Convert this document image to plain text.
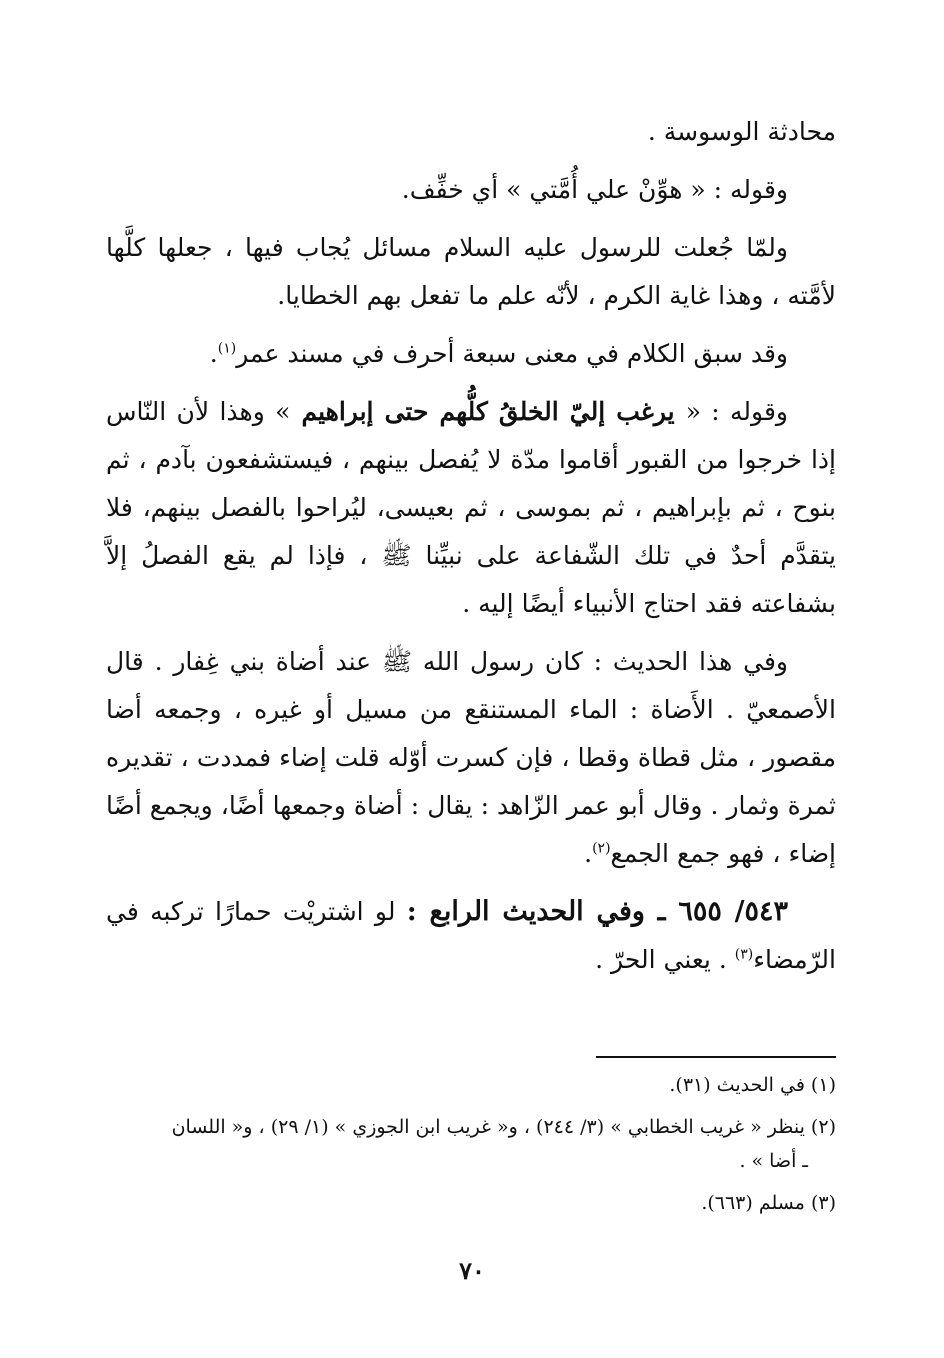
محادثة الوسوسة .

وقوله : « هوِّنْ علي أُمَّتي » أي خفِّف.

ولمّا جُعلت للرسول عليه السلام مسائل يُجاب فيها ، جعلها كلَّها لأمَّته ، وهذا غاية الكرم ، لأنّه علم ما تفعل بهم الخطايا.

وقد سبق الكلام في معنى سبعة أحرف في مسند عمر$^{(١)}$.

وقوله : « يرغب إليّ الخلقُ كلُّهم حتى إبراهيم » وهذا لأن النّاس إذا خرجوا من القبور أقاموا مدّة لا يُفصل بينهم ، فيستشفعون بآدم ، ثم بنوح ، ثم بإبراهيم ، ثم بموسى ، ثم بعيسى، ليُراحوا بالفصل بينهم، فلا يتقدَّم أحدٌ في تلك الشّفاعة على نبيِّنا ﷺ ، فإذا لم يقع الفصلُ إلاَّ بشفاعته فقد احتاج الأنبياء أيضًا إليه .

وفي هذا الحديث : كان رسول الله ﷺ عند أضاة بني غِفار . قال الأصمعيّ . الأَضاة : الماء المستنقع من مسيل أو غيره ، وجمعه أضا مقصور ، مثل قطاة وقطا ، فإن كسرت أوّله قلت إضاء فمددت ، تقديره ثمرة وثمار . وقال أبو عمر الزّاهد : يقال : أضاة وجمعها أضًا، ويجمع أضًا إضاء ، فهو جمع الجمع$^{(٢)}$.

٥٤٣/ ٦٥٥ ـ وفي الحديث الرابع : لو اشتريْت حمارًا تركبه في الرّمضاء$^{(٣)}$ . يعني الحرّ .

(١) في الحديث (٣١).

(٢) ينظر « غريب الخطابي » (٣/ ٢٤٤) ، و« غريب ابن الجوزي » (١/ ٢٩) ، و« اللسان
ـ أضا » .

(٣) مسلم (٦٦٣).

٧٠
